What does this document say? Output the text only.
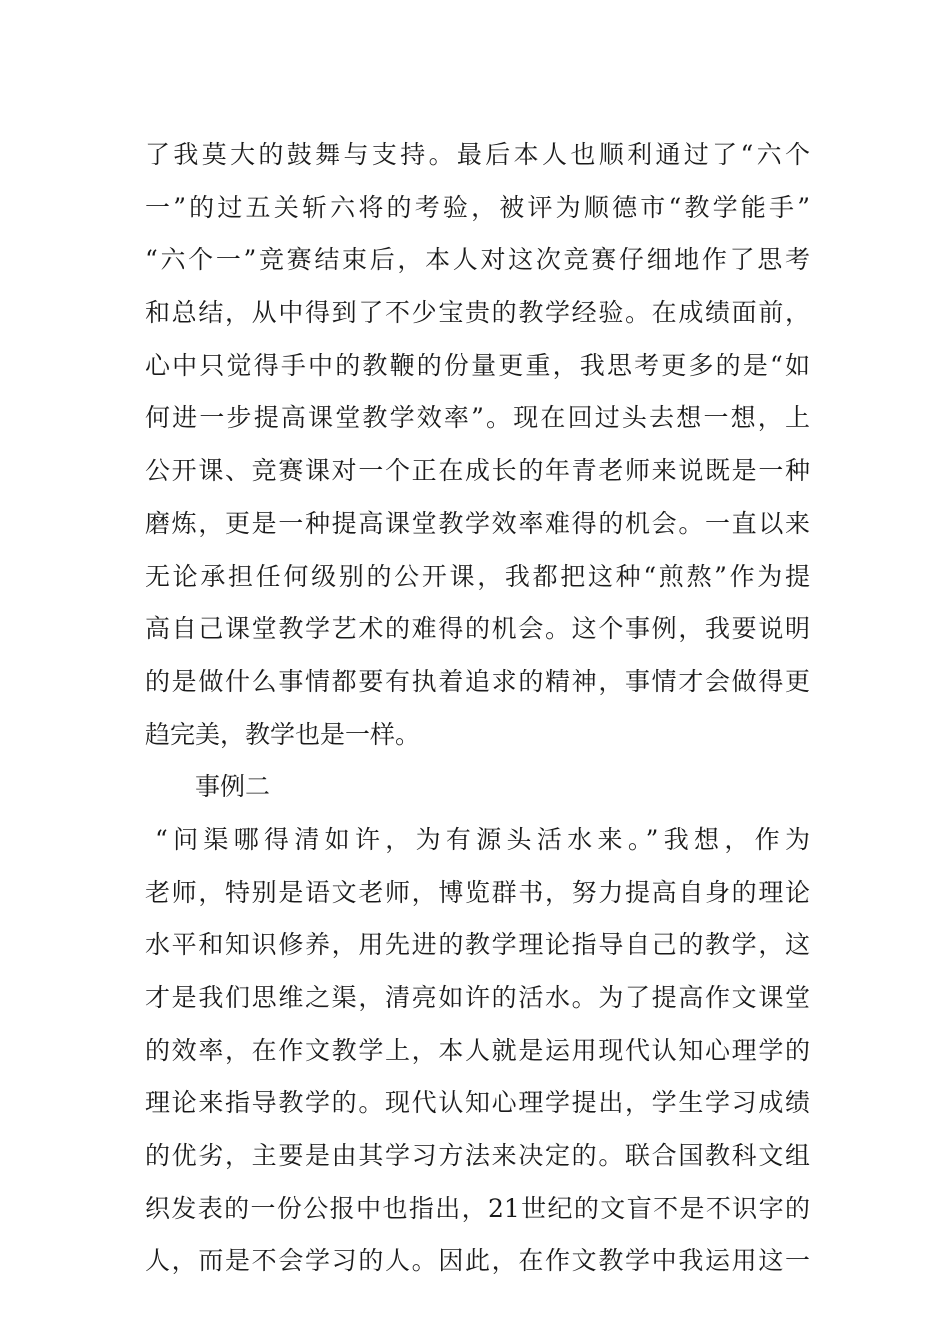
了我莫大的鼓舞与支持。最后本人也顺利通过了“六个
一”的过五关斩六将的考验，被评为顺德市“教学能手”
“六个一”竞赛结束后，本人对这次竞赛仔细地作了思考
和总结，从中得到了不少宝贵的教学经验。在成绩面前，
心中只觉得手中的教鞭的份量更重，我思考更多的是“如
何进一步提高课堂教学效率”。现在回过头去想一想，上
公开课、竞赛课对一个正在成长的年青老师来说既是一种
磨炼，更是一种提高课堂教学效率难得的机会。一直以来
无论承担任何级别的公开课，我都把这种“煎熬”作为提
高自己课堂教学艺术的难得的机会。这个事例，我要说明
的是做什么事情都要有执着追求的精神，事情才会做得更
趋完美，教学也是一样。
事例二
“问渠哪得清如许，为有源头活水来。”我想，作为
老师，特别是语文老师，博览群书，努力提高自身的理论
水平和知识修养，用先进的教学理论指导自己的教学，这
才是我们思维之渠，清亮如许的活水。为了提高作文课堂
的效率，在作文教学上，本人就是运用现代认知心理学的
理论来指导教学的。现代认知心理学提出，学生学习成绩
的优劣，主要是由其学习方法来决定的。联合国教科文组
织发表的一份公报中也指出，21世纪的文盲不是不识字的
人，而是不会学习的人。因此，在作文教学中我运用这一
